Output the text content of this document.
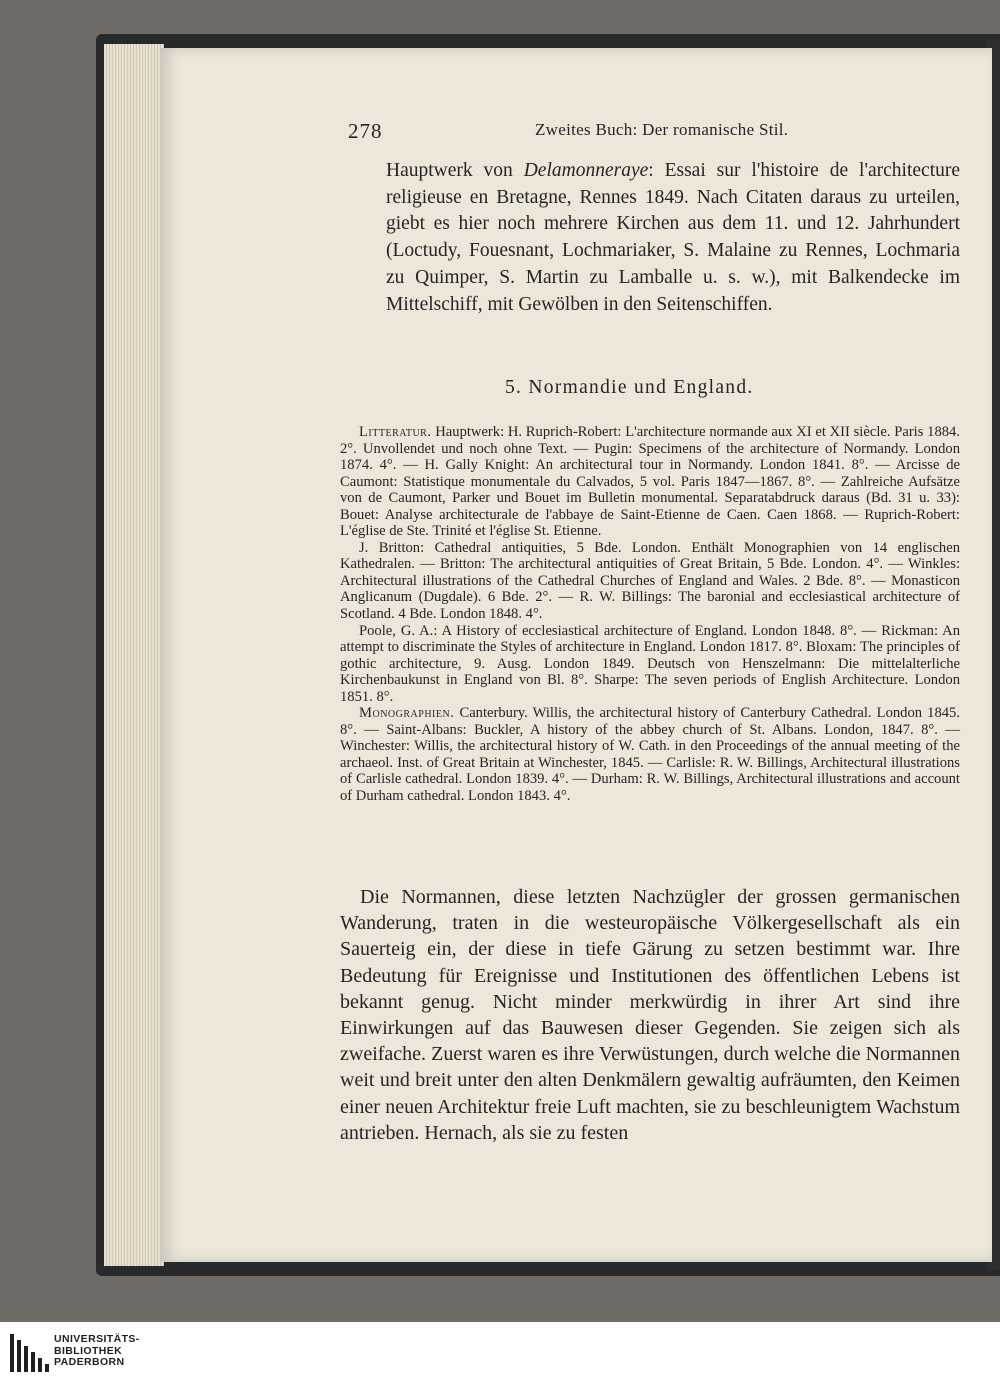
278	Zweites Buch: Der romanische Stil.

Hauptwerk von Delamonneraye: Essai sur l'histoire de l'architecture religieuse en Bretagne, Rennes 1849. Nach Citaten daraus zu urteilen, giebt es hier noch mehrere Kirchen aus dem 11. und 12. Jahrhundert (Loctudy, Fouesnant, Lochmariaker, S. Malaine zu Rennes, Lochmaria zu Quimper, S. Martin zu Lamballe u. s. w.), mit Balkendecke im Mittelschiff, mit Gewölben in den Seitenschiffen.

5. Normandie und England.

Litteratur. Hauptwerk: H. Ruprich-Robert: L'architecture normande aux XI et XII siècle. Paris 1884. 2°. Unvollendet und noch ohne Text. — Pugin: Specimens of the architecture of Normandy. London 1874. 4°. — H. Gally Knight: An architectural tour in Normandy. London 1841. 8°. — Arcisse de Caumont: Statistique monumentale du Calvados, 5 vol. Paris 1847—1867. 8°. — Zahlreiche Aufsätze von de Caumont, Parker und Bouet im Bulletin monumental. Separatabdruck daraus (Bd. 31 u. 33): Bouet: Analyse architecturale de l'abbaye de Saint-Etienne de Caen. Caen 1868. — Ruprich-Robert: L'église de Ste. Trinité et l'église St. Etienne.

J. Britton: Cathedral antiquities, 5 Bde. London. Enthält Monographien von 14 englischen Kathedralen. — Britton: The architectural antiquities of Great Britain, 5 Bde. London. 4°. — Winkles: Architectural illustrations of the Cathedral Churches of England and Wales. 2 Bde. 8°. — Monasticon Anglicanum (Dugdale). 6 Bde. 2°. — R. W. Billings: The baronial and ecclesiastical architecture of Scotland. 4 Bde. London 1848. 4°.

Poole, G. A.: A History of ecclesiastical architecture of England. London 1848. 8°. — Rickman: An attempt to discriminate the Styles of architecture in England. London 1817. 8°. Bloxam: The principles of gothic architecture, 9. Ausg. London 1849. Deutsch von Henszelmann: Die mittelalterliche Kirchenbaukunst in England von Bl. 8°. Sharpe: The seven periods of English Architecture. London 1851. 8°.

Monographien. Canterbury. Willis, the architectural history of Canterbury Cathedral. London 1845. 8°. — Saint-Albans: Buckler, A history of the abbey church of St. Albans. London, 1847. 8°. — Winchester: Willis, the architectural history of W. Cath. in den Proceedings of the annual meeting of the archaeol. Inst. of Great Britain at Winchester, 1845. — Carlisle: R. W. Billings, Architectural illustrations of Carlisle cathedral. London 1839. 4°. — Durham: R. W. Billings, Architectural illustrations and account of Durham cathedral. London 1843. 4°.

Die Normannen, diese letzten Nachzügler der grossen germanischen Wanderung, traten in die westeuropäische Völkergesellschaft als ein Sauerteig ein, der diese in tiefe Gärung zu setzen bestimmt war. Ihre Bedeutung für Ereignisse und Institutionen des öffentlichen Lebens ist bekannt genug. Nicht minder merkwürdig in ihrer Art sind ihre Einwirkungen auf das Bauwesen dieser Gegenden. Sie zeigen sich als zweifache. Zuerst waren es ihre Verwüstungen, durch welche die Normannen weit und breit unter den alten Denkmälern gewaltig aufräumten, den Keimen einer neuen Architektur freie Luft machten, sie zu beschleunigtem Wachstum antrieben. Hernach, als sie zu festen

UNIVERSITÄTS-
BIBLIOTHEK
PADERBORN
